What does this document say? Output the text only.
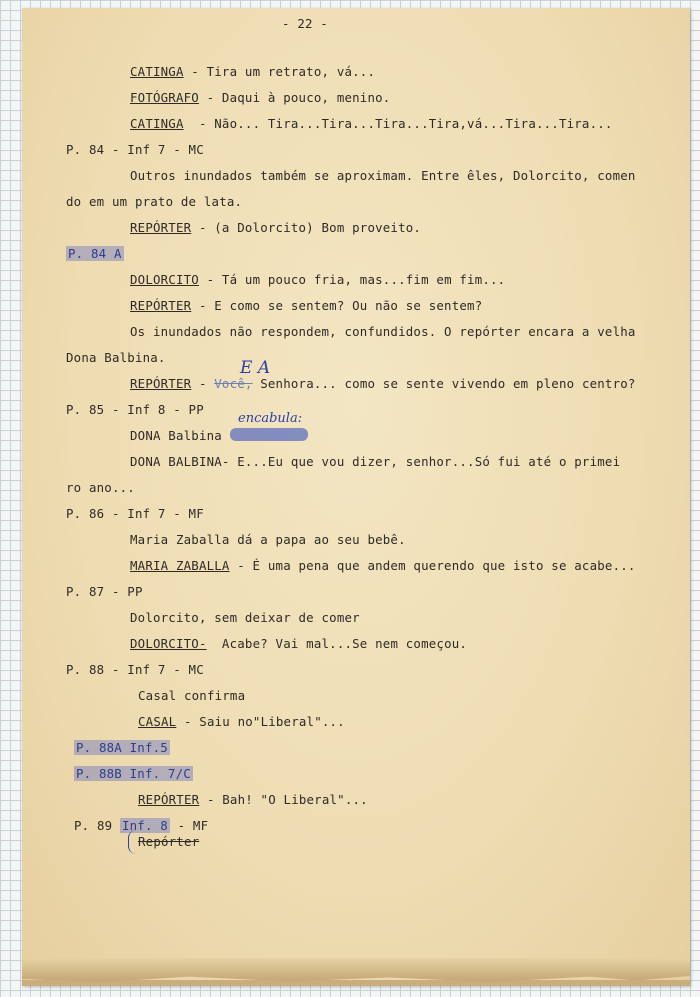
- 22 -
CATINGA - Tira um retrato, vá...
FOTÓGRAFO - Daqui à pouco, menino.
CATINGA  - Não... Tira...Tira...Tira...Tira,vá...Tira...Tira...
P. 84 - Inf 7 - MC
Outros inundados também se aproximam. Entre êles, Dolorcito, comen
do em um prato de lata.
REPÓRTER - (a Dolorcito) Bom proveito.
P. 84 A
DOLORCITO - Tá um pouco fria, mas...fim em fim...
REPÓRTER - E como se sentem? Ou não se sentem?
Os inundados não respondem, confundidos. O repórter encara a velha
Dona Balbina.
E A
REPÓRTER - Você, Senhora... como se sente vivendo em pleno centro?
P. 85 - Inf 8 - PP
DONA Balbina
encabula:
DONA BALBINA- E...Eu que vou dizer, senhor...Só fui até o primei
ro ano...
P. 86 - Inf 7 - MF
Maria Zaballa dá a papa ao seu bebê.
MARIA ZABALLA - É uma pena que andem querendo que isto se acabe...
P. 87 - PP
Dolorcito, sem deixar de comer
DOLORCITO-  Acabe? Vai mal...Se nem começou.
P. 88 - Inf 7 - MC
Casal confirma
CASAL - Saiu no"Liberal"...
P. 88A Inf.5
P. 88B Inf. 7/C
REPÓRTER - Bah! "O Liberal"...
P. 89 Inf. 8 - MF
Repórter
